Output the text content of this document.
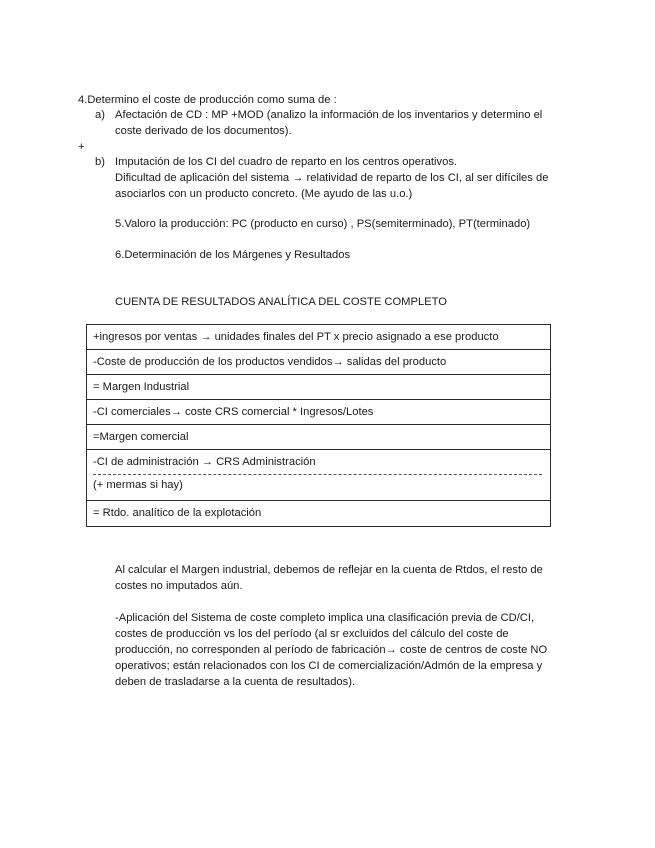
4.Determino el coste de producción como suma de :
a) Afectación de CD : MP +MOD (analizo la información de los inventarios y determino el
coste derivado de los documentos).
+
b) Imputación de los CI del cuadro de reparto en los centros operativos.
Dificultad de aplicación del sistema → relatividad de reparto de los CI, al ser difíciles de
asociarlos con un producto concreto. (Me ayudo de las u.o.)
5.Valoro la producción: PC (producto en curso) , PS(semiterminado), PT(terminado)
6.Determinación de los Márgenes y Resultados
CUENTA DE RESULTADOS ANALÍTICA DEL COSTE COMPLETO
+ingresos por ventas → unidades finales del PT x precio asignado a ese producto
-Coste de producción de los productos vendidos→ salidas del producto
= Margen Industrial
-CI comerciales→ coste CRS comercial * Ingresos/Lotes
=Margen comercial
-CI de administración → CRS Administración
(+ mermas si hay)
= Rtdo. analítico de la explotación
Al calcular el Margen industrial, debemos de reflejar en la cuenta de Rtdos, el resto de
costes no imputados aún.
-Aplicación del Sistema de coste completo implica una clasificación previa de CD/CI,
costes de producción vs los del período (al sr excluidos del cálculo del coste de
producción, no corresponden al período de fabricación→ coste de centros de coste NO
operativos; están relacionados con los CI de comercialización/Admón de la empresa y
deben de trasladarse a la cuenta de resultados).
